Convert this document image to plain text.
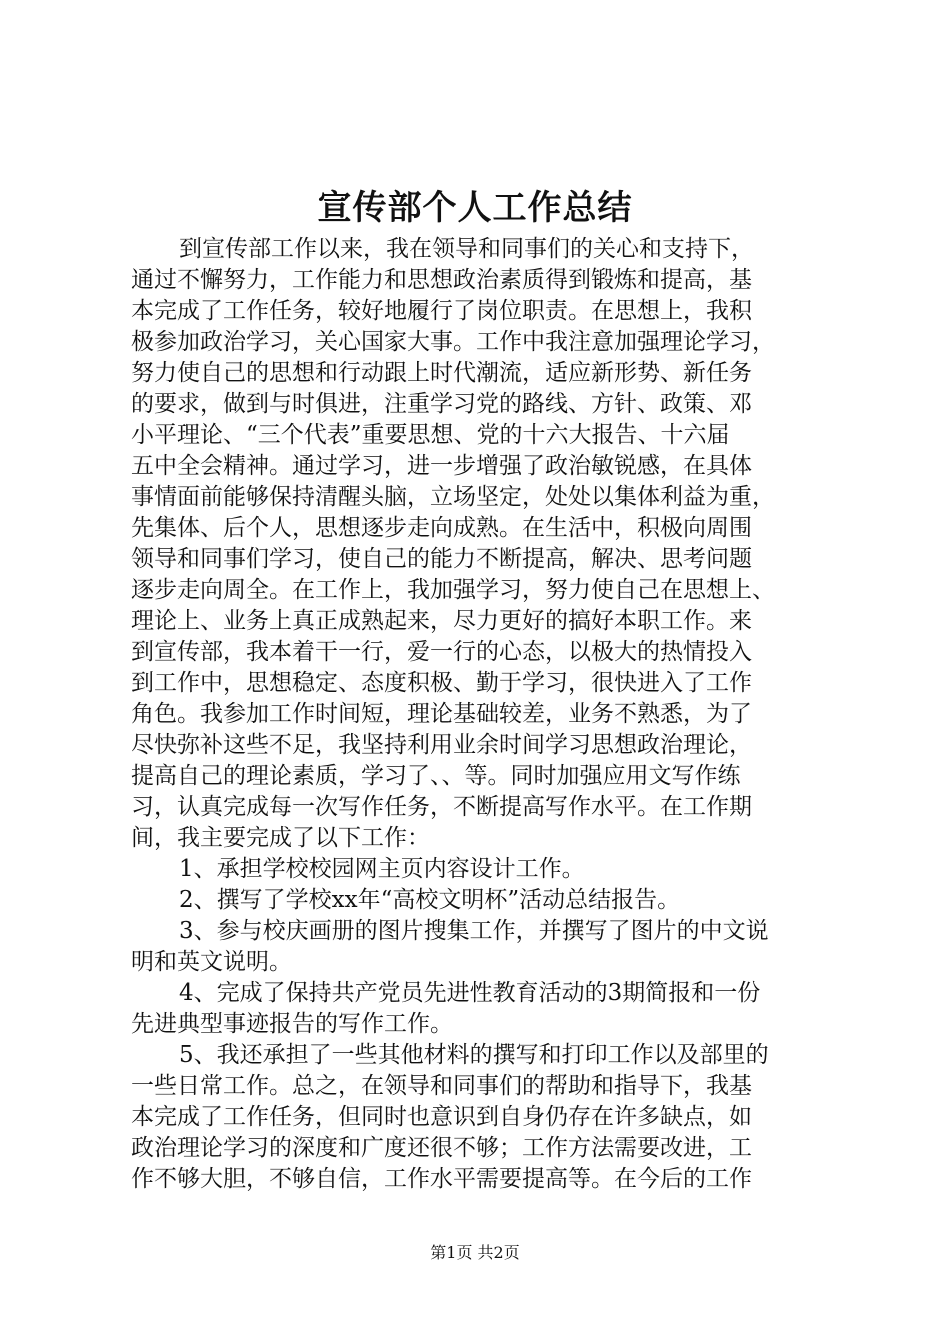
宣传部个人工作总结
到宣传部工作以来，我在领导和同事们的关心和支持下，
通过不懈努力，工作能力和思想政治素质得到锻炼和提高，基
本完成了工作任务，较好地履行了岗位职责。在思想上，我积
极参加政治学习，关心国家大事。工作中我注意加强理论学习，
努力使自己的思想和行动跟上时代潮流，适应新形势、新任务
的要求，做到与时俱进，注重学习党的路线、方针、政策、邓
小平理论、“三个代表”重要思想、党的十六大报告、十六届
五中全会精神。通过学习，进一步增强了政治敏锐感，在具体
事情面前能够保持清醒头脑，立场坚定，处处以集体利益为重，
先集体、后个人，思想逐步走向成熟。在生活中，积极向周围
领导和同事们学习，使自己的能力不断提高，解决、思考问题
逐步走向周全。在工作上，我加强学习，努力使自己在思想上、
理论上、业务上真正成熟起来，尽力更好的搞好本职工作。来
到宣传部，我本着干一行，爱一行的心态，以极大的热情投入
到工作中，思想稳定、态度积极、勤于学习，很快进入了工作
角色。我参加工作时间短，理论基础较差，业务不熟悉，为了
尽快弥补这些不足，我坚持利用业余时间学习思想政治理论，
提高自己的理论素质，学习了、、等。同时加强应用文写作练
习，认真完成每一次写作任务，不断提高写作水平。在工作期
间，我主要完成了以下工作：
1、承担学校校园网主页内容设计工作。
2、撰写了学校xx年“高校文明杯”活动总结报告。
3、参与校庆画册的图片搜集工作，并撰写了图片的中文说
明和英文说明。
4、完成了保持共产党员先进性教育活动的3期简报和一份
先进典型事迹报告的写作工作。
5、我还承担了一些其他材料的撰写和打印工作以及部里的
一些日常工作。总之，在领导和同事们的帮助和指导下，我基
本完成了工作任务，但同时也意识到自身仍存在许多缺点，如
政治理论学习的深度和广度还很不够；工作方法需要改进，工
作不够大胆，不够自信，工作水平需要提高等。在今后的工作
第1页 共2页
